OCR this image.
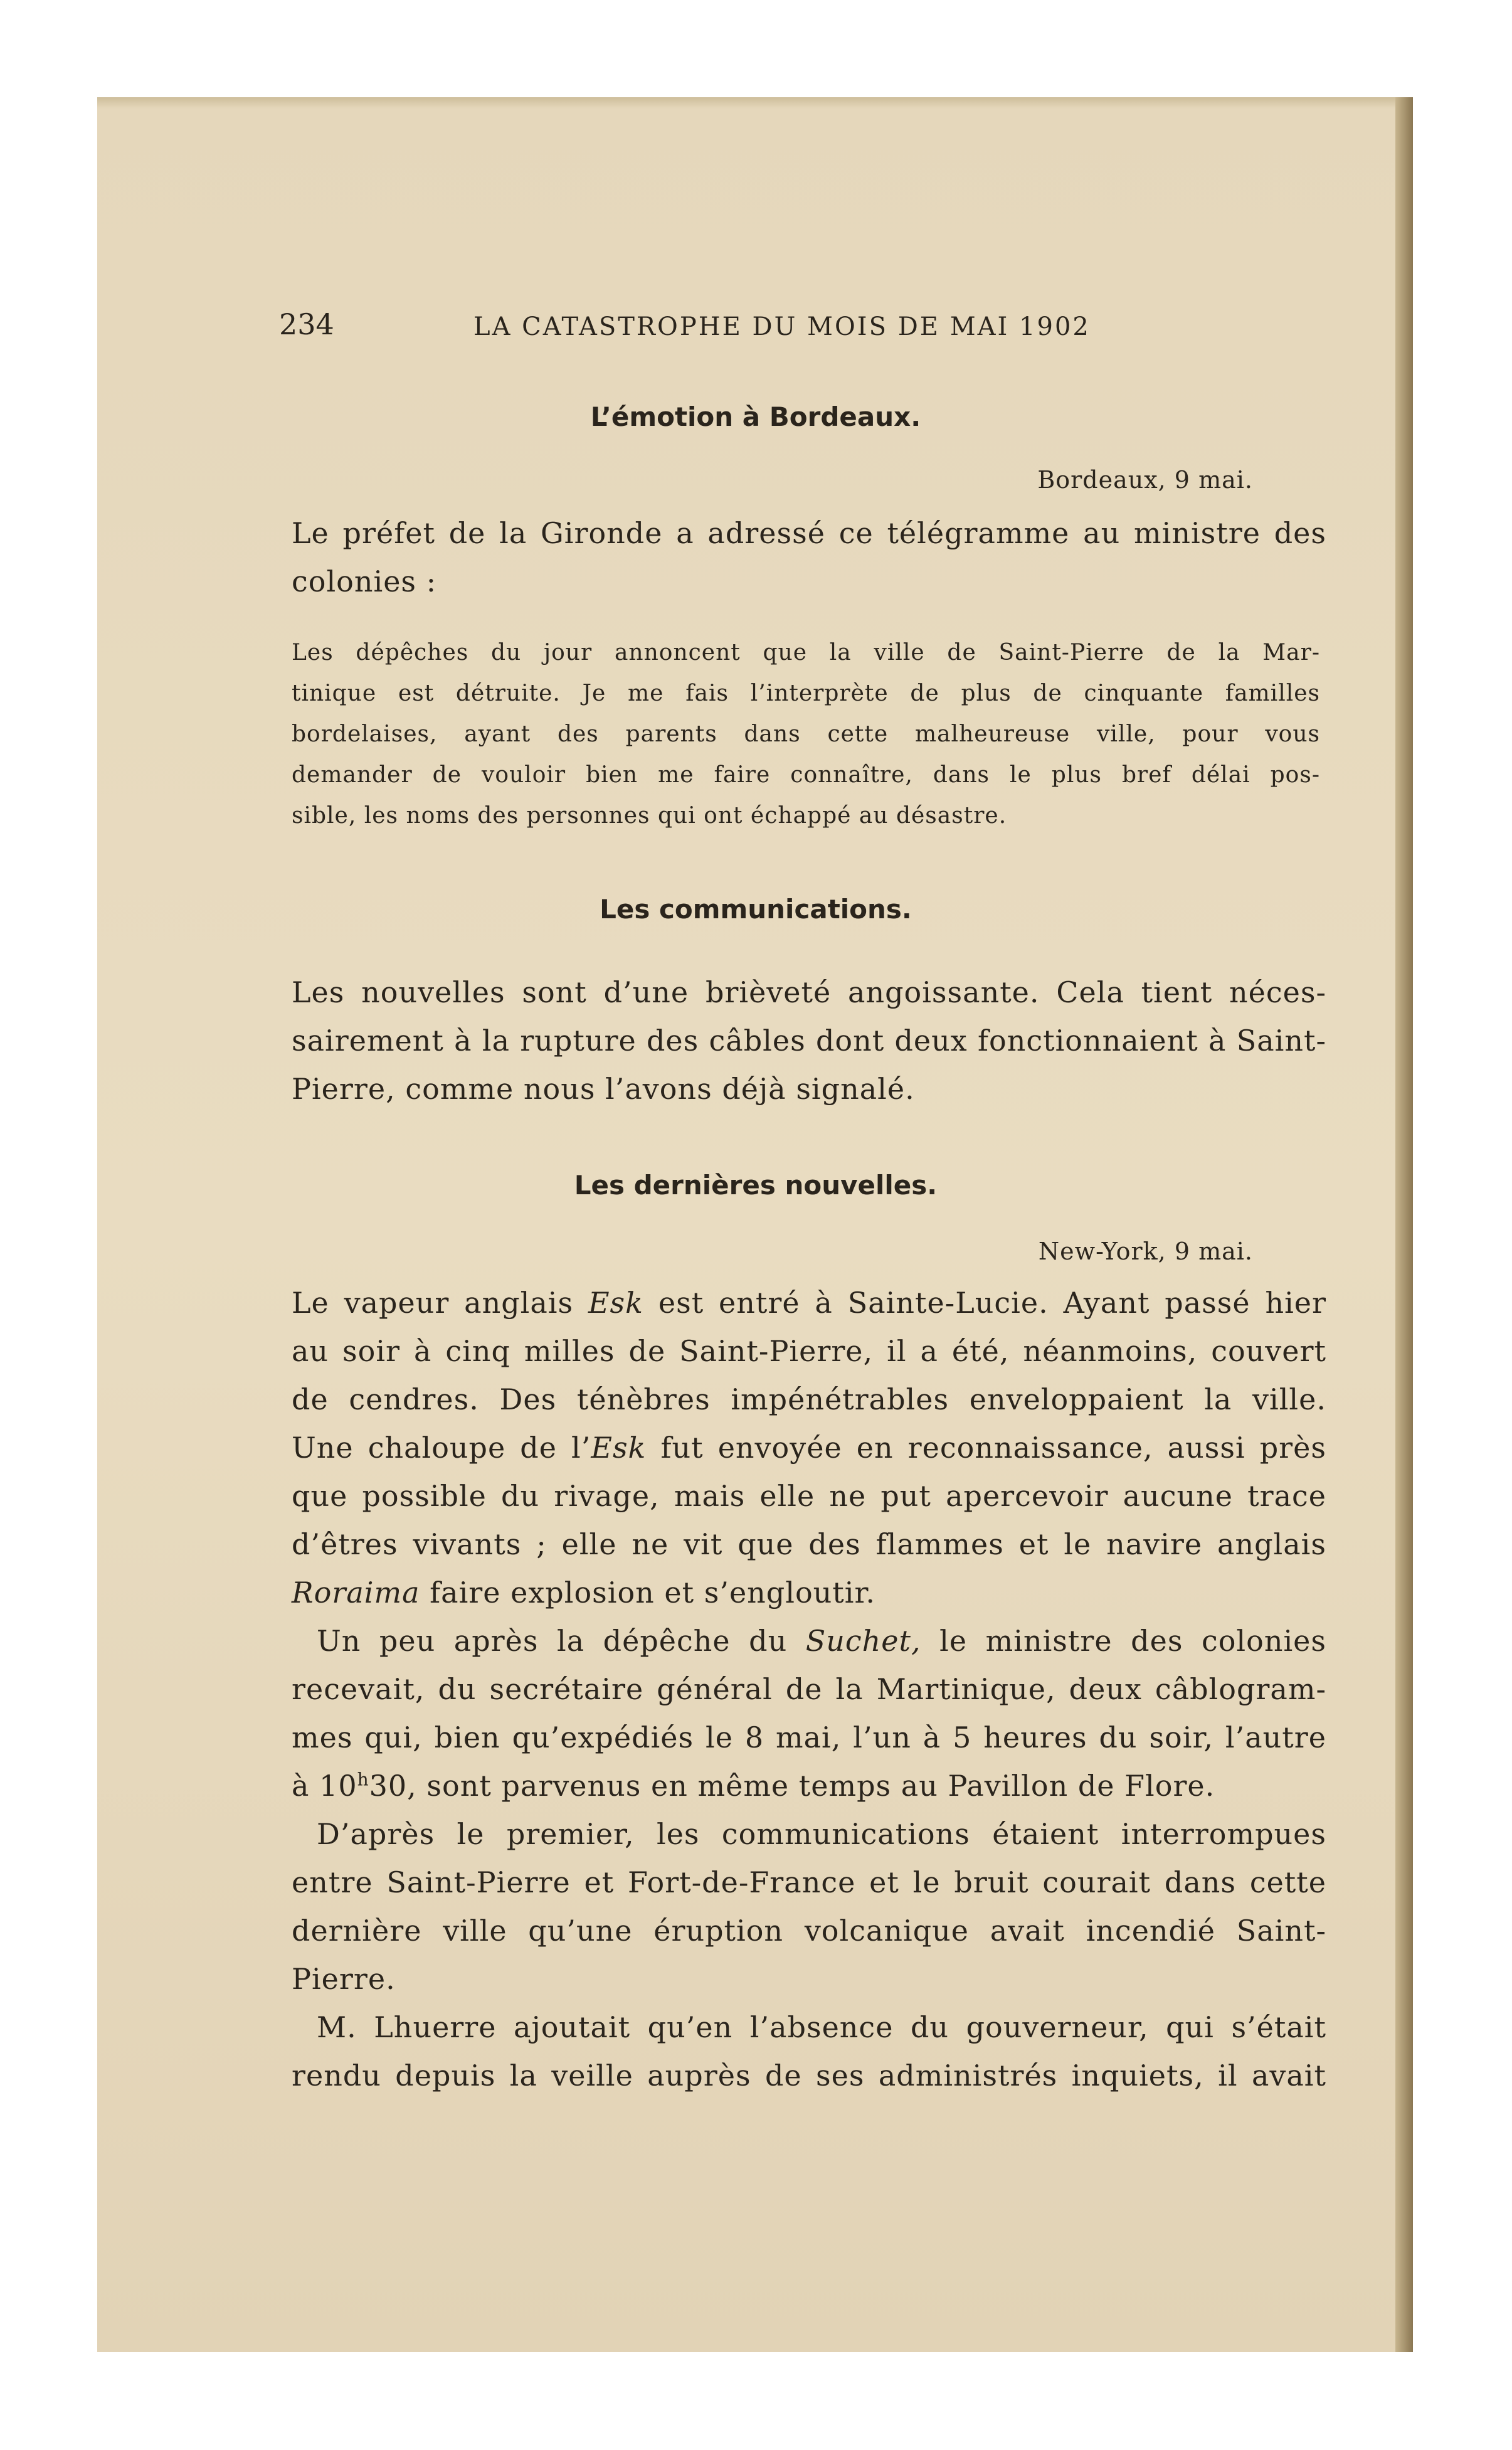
234	LA CATASTROPHE DU MOIS DE MAI 1902
L’émotion à Bordeaux.
Bordeaux, 9 mai.
Le préfet de la Gironde a adressé ce télégramme au ministre des
colonies :
Les dépêches du jour annoncent que la ville de Saint-Pierre de la Mar-
tinique est détruite. Je me fais l’interprète de plus de cinquante familles
bordelaises, ayant des parents dans cette malheureuse ville, pour vous
demander de vouloir bien me faire connaître, dans le plus bref délai pos-
sible, les noms des personnes qui ont échappé au désastre.
Les communications.
Les nouvelles sont d’une brièveté angoissante. Cela tient néces-
sairement à la rupture des câbles dont deux fonctionnaient à Saint-
Pierre, comme nous l’avons déjà signalé.
Les dernières nouvelles.
New-York, 9 mai.
Le vapeur anglais Esk est entré à Sainte-Lucie. Ayant passé hier
au soir à cinq milles de Saint-Pierre, il a été, néanmoins, couvert
de cendres. Des ténèbres impénétrables enveloppaient la ville.
Une chaloupe de l’Esk fut envoyée en reconnaissance, aussi près
que possible du rivage, mais elle ne put apercevoir aucune trace
d’êtres vivants ; elle ne vit que des flammes et le navire anglais
Roraima faire explosion et s’engloutir.
Un peu après la dépêche du Suchet, le ministre des colonies
recevait, du secrétaire général de la Martinique, deux câblogram-
mes qui, bien qu’expédiés le 8 mai, l’un à 5 heures du soir, l’autre
à 10$^h$30, sont parvenus en même temps au Pavillon de Flore.
D’après le premier, les communications étaient interrompues
entre Saint-Pierre et Fort-de-France et le bruit courait dans cette
dernière ville qu’une éruption volcanique avait incendié Saint-
Pierre.
M. Lhuerre ajoutait qu’en l’absence du gouverneur, qui s’était
rendu depuis la veille auprès de ses administrés inquiets, il avait
